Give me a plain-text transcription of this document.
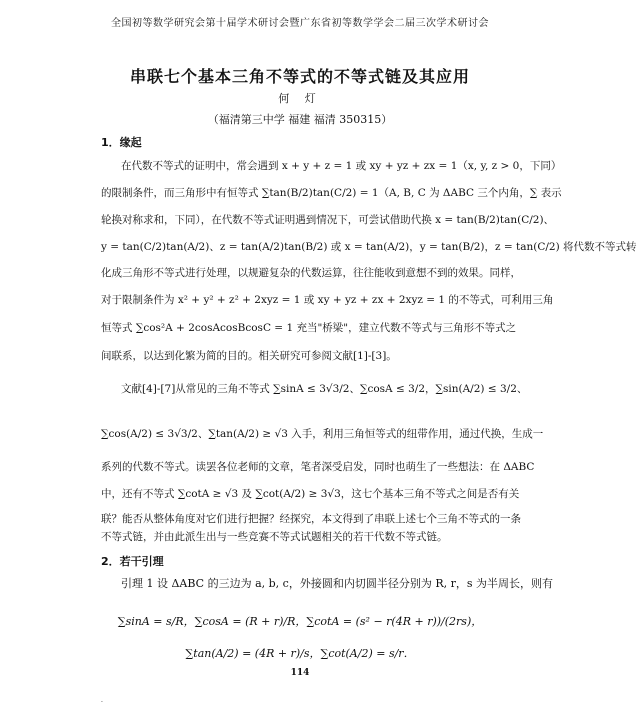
全国初等数学研究会第十届学术研讨会暨广东省初等数学学会二届三次学术研讨会
串联七个基本三角不等式的不等式链及其应用
何 灯
（福清第三中学 福建 福清 350315）
1．缘起
在代数不等式的证明中，常会遇到 x + y + z = 1 或 xy + yz + zx = 1（x, y, z > 0，下同）
的限制条件，而三角形中有恒等式 ∑tan(B/2)tan(C/2) = 1（A, B, C 为 ΔABC 三个内角，∑ 表示
轮换对称求和，下同），在代数不等式证明遇到情况下，可尝试借助代换 x = tan(B/2)tan(C/2)、
y = tan(C/2)tan(A/2)、z = tan(A/2)tan(B/2) 或 x = tan(A/2)，y = tan(B/2)，z = tan(C/2) 将代数不等式转
化成三角形不等式进行处理，以规避复杂的代数运算，往往能收到意想不到的效果。同样，
对于限制条件为 x² + y² + z² + 2xyz = 1 或 xy + yz + zx + 2xyz = 1 的不等式，可利用三角
恒等式 ∑cos²A + 2cosAcosBcosC = 1 充当"桥梁"，建立代数不等式与三角形不等式之
间联系，以达到化繁为简的目的。相关研究可参阅文献[1]-[3]。
文献[4]-[7]从常见的三角不等式 ∑sinA ≤ 3√3/2、∑cosA ≤ 3/2，∑sin(A/2) ≤ 3/2、
∑cos(A/2) ≤ 3√3/2、∑tan(A/2) ≥ √3 入手，利用三角恒等式的纽带作用，通过代换，生成一
系列的代数不等式。读罢各位老师的文章，笔者深受启发，同时也萌生了一些想法：在 ΔABC
中，还有不等式 ∑cotA ≥ √3 及 ∑cot(A/2) ≥ 3√3，这七个基本三角不等式之间是否有关
联？能否从整体角度对它们进行把握？经探究，本文得到了串联上述七个三角不等式的一条
不等式链，并由此派生出与一些竞赛不等式试题相关的若干代数不等式链。
2．若干引理
引理 1 设 ΔABC 的三边为 a, b, c，外接圆和内切圆半径分别为 R, r，s 为半周长，则有
∑sinA = s/R，∑cosA = (R + r)/R，∑cotA = (s² − r(4R + r))/(2rs)，
∑tan(A/2) = (4R + r)/s，∑cot(A/2) = s/r．
114
.
